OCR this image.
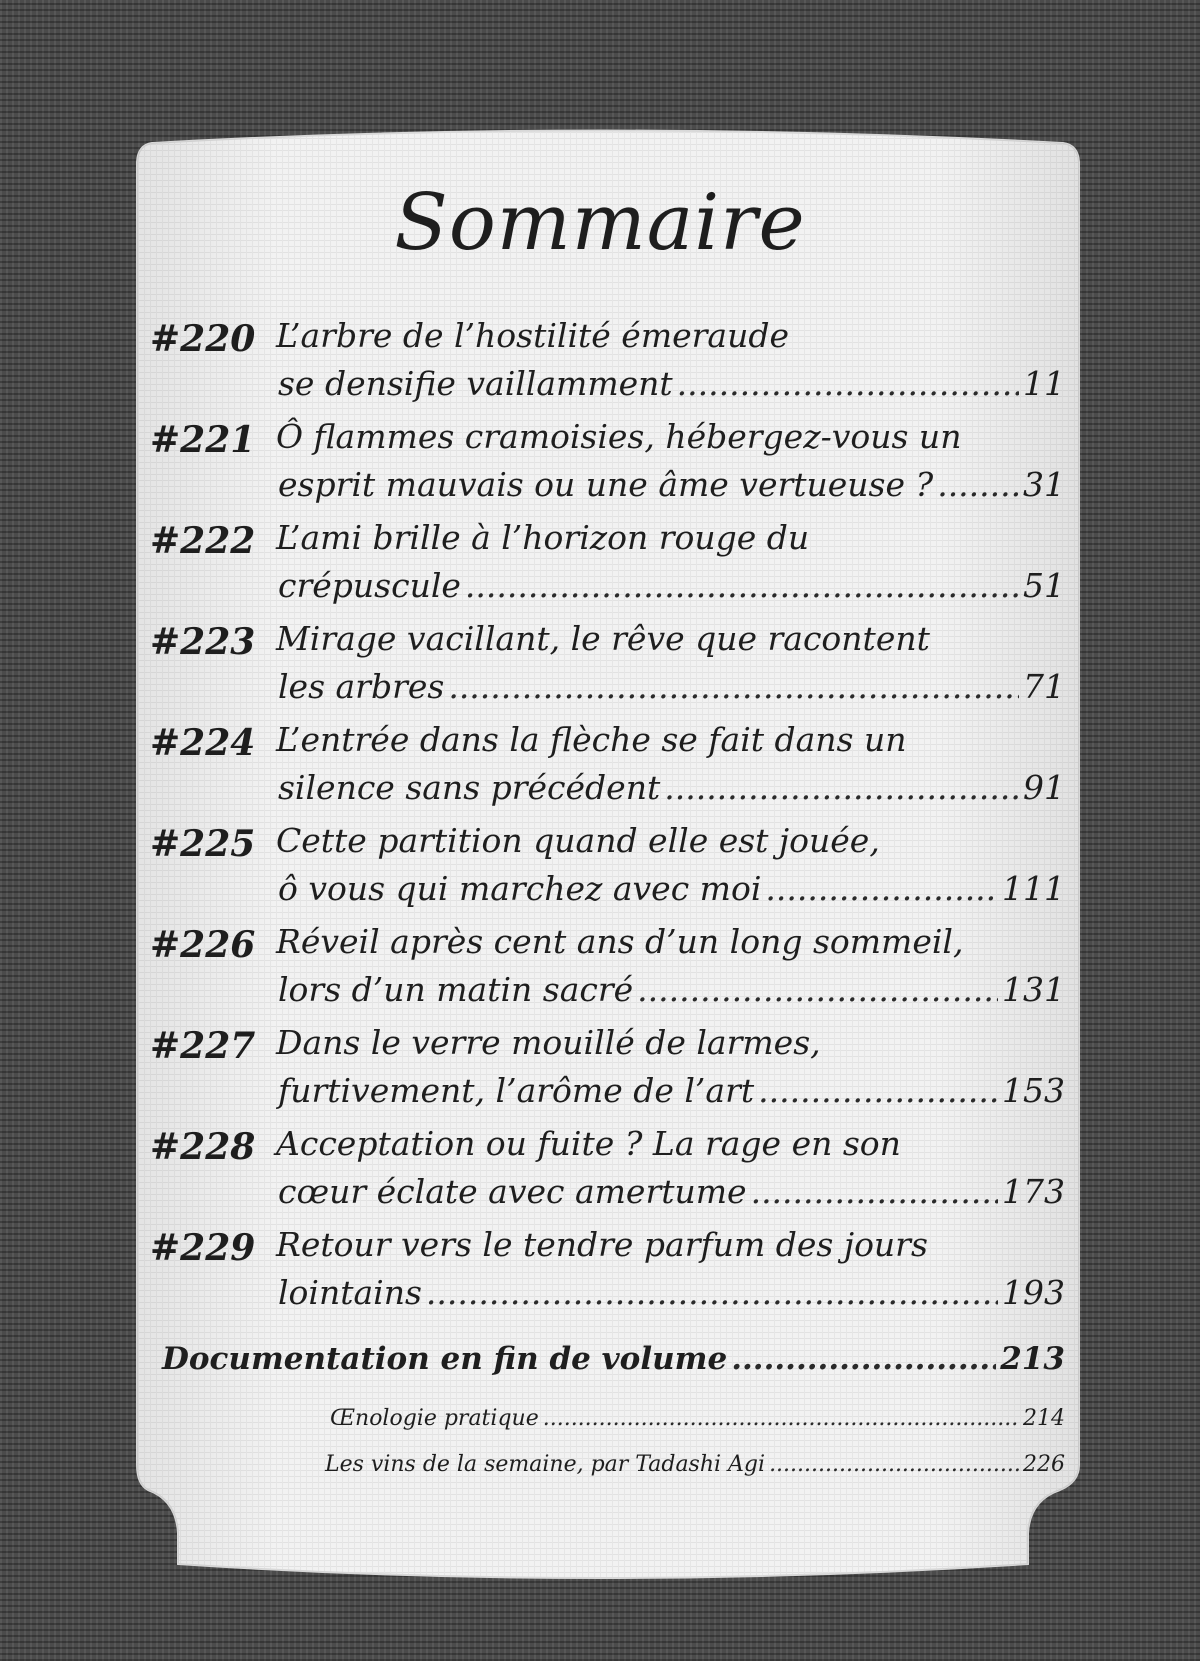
Sommaire
#220 L’arbre de l’hostilité émeraude
se densifie vaillamment .....	11
#221 Ô flammes cramoisies, hébergez-vous un
esprit mauvais ou une âme vertueuse ? .....	31
#222 L’ami brille à l’horizon rouge du
crépuscule .....	51
#223 Mirage vacillant, le rêve que racontent
les arbres .....	71
#224 L’entrée dans la flèche se fait dans un
silence sans précédent .....	91
#225 Cette partition quand elle est jouée,
ô vous qui marchez avec moi .....	111
#226 Réveil après cent ans d’un long sommeil,
lors d’un matin sacré .....	131
#227 Dans le verre mouillé de larmes,
furtivement, l’arôme de l’art .....	153
#228 Acceptation ou fuite ? La rage en son
cœur éclate avec amertume .....	173
#229 Retour vers le tendre parfum des jours
lointains .....	193
Documentation en fin de volume .....	213
Œnologie pratique .....	214
Les vins de la semaine, par Tadashi Agi .....	226
